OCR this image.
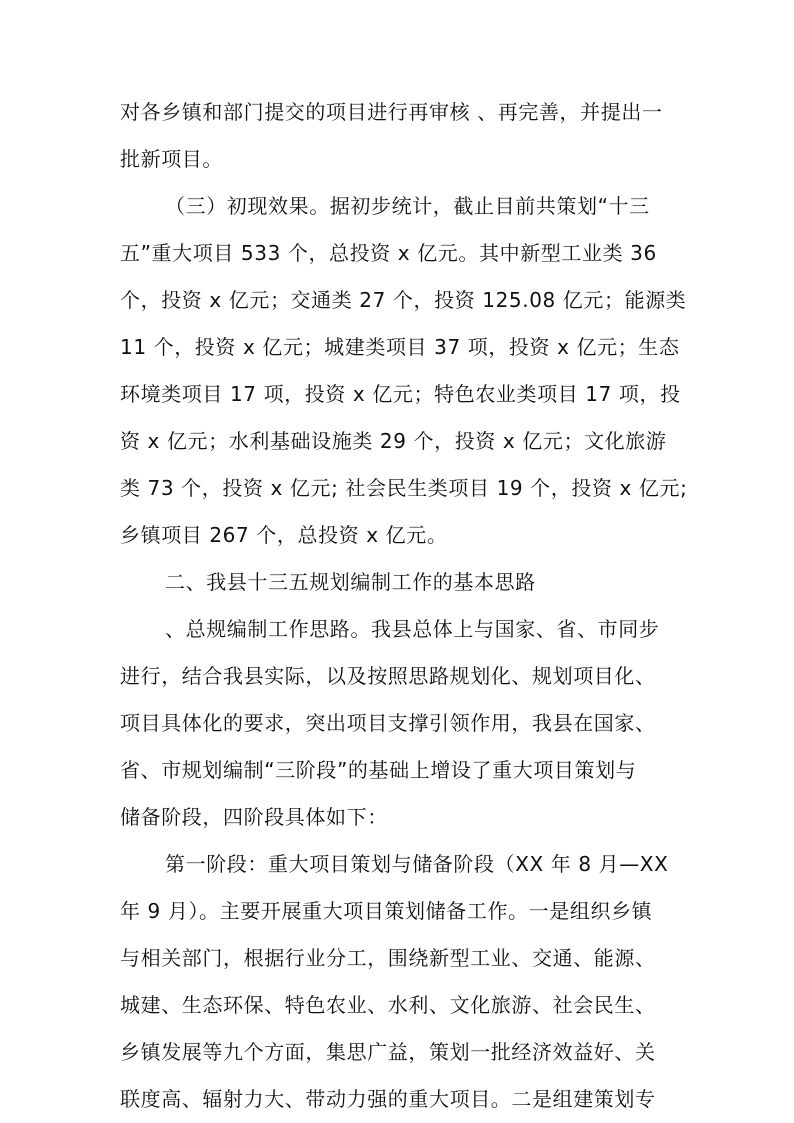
对各乡镇和部门提交的项目进行再审核 、再完善，并提出一
批新项目。
（三）初现效果。据初步统计，截止目前共策划“十三
五”重大项目 533 个，总投资 x 亿元。其中新型工业类 36
个，投资 x 亿元；交通类 27 个，投资 125.08 亿元；能源类
11 个，投资 x 亿元；城建类项目 37 项，投资 x 亿元；生态
环境类项目 17 项，投资 x 亿元；特色农业类项目 17 项，投
资 x 亿元；水利基础设施类 29 个，投资 x 亿元；文化旅游
类 73 个，投资 x 亿元; 社会民生类项目 19 个，投资 x 亿元;
乡镇项目 267 个，总投资 x 亿元。
二、我县十三五规划编制工作的基本思路
、总规编制工作思路。我县总体上与国家、省、市同步
进行，结合我县实际，以及按照思路规划化、规划项目化、
项目具体化的要求，突出项目支撑引领作用，我县在国家、
省、市规划编制“三阶段”的基础上增设了重大项目策划与
储备阶段，四阶段具体如下：
第一阶段：重大项目策划与储备阶段（XX 年 8 月—XX
年 9 月）。主要开展重大项目策划储备工作。一是组织乡镇
与相关部门，根据行业分工，围绕新型工业、交通、能源、
城建、生态环保、特色农业、水利、文化旅游、社会民生、
乡镇发展等九个方面，集思广益，策划一批经济效益好、关
联度高、辐射力大、带动力强的重大项目。二是组建策划专
